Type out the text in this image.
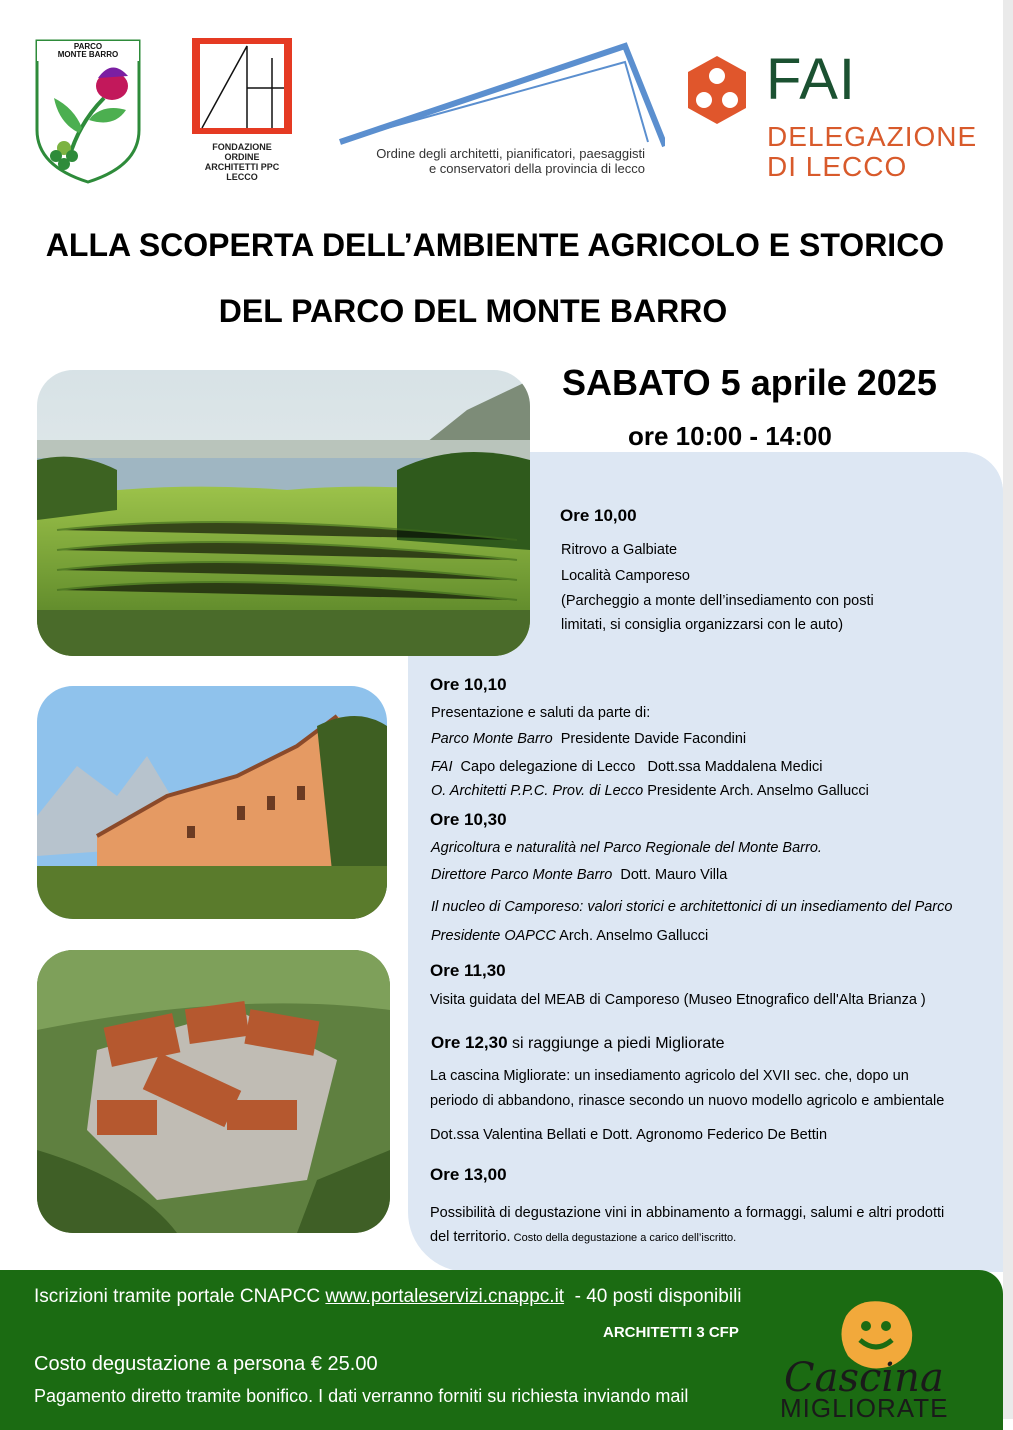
PARCO
MONTE BARRO
FONDAZIONE
ORDINE
ARCHITETTI PPC
LECCO
Ordine degli architetti, pianificatori, paesaggisti
e conservatori della provincia di lecco
FAI
DELEGAZIONE
DI LECCO
ALLA SCOPERTA DELL’AMBIENTE AGRICOLO E STORICO
DEL PARCO DEL MONTE BARRO
SABATO 5 aprile 2025
ore 10:00 - 14:00
Ore 10,00
Ritrovo a Galbiate
Località Camporeso
(Parcheggio a monte dell’insediamento con posti
limitati, si consiglia organizzarsi con le auto)
Ore 10,10
Presentazione e saluti da parte di:
Parco Monte Barro  Presidente Davide Facondini
FAI  Capo delegazione di Lecco   Dott.ssa Maddalena Medici
O. Architetti P.P.C. Prov. di Lecco Presidente Arch. Anselmo Gallucci
Ore 10,30
Agricoltura e naturalità nel Parco Regionale del Monte Barro.
Direttore Parco Monte Barro  Dott. Mauro Villa
Il nucleo di Camporeso: valori storici e architettonici di un insediamento del Parco
Presidente OAPCC Arch. Anselmo Gallucci
Ore 11,30
Visita guidata del MEAB di Camporeso (Museo Etnografico dell'Alta Brianza )
Ore 12,30 si raggiunge a piedi Migliorate
La cascina Migliorate: un insediamento agricolo del XVII sec. che, dopo un
periodo di abbandono, rinasce secondo un nuovo modello agricolo e ambientale
Dot.ssa Valentina Bellati e Dott. Agronomo Federico De Bettin
Ore 13,00
Possibilità di degustazione vini in abbinamento a formaggi, salumi e altri prodotti
del territorio. Costo della degustazione a carico dell’iscritto.
Iscrizioni tramite portale CNAPCC www.portaleservizi.cnappc.it  - 40 posti disponibili
ARCHITETTI 3 CFP
Costo degustazione a persona € 25.00
Pagamento diretto tramite bonifico. I dati verranno forniti su richiesta inviando mail Cascina
MIGLIORATE
